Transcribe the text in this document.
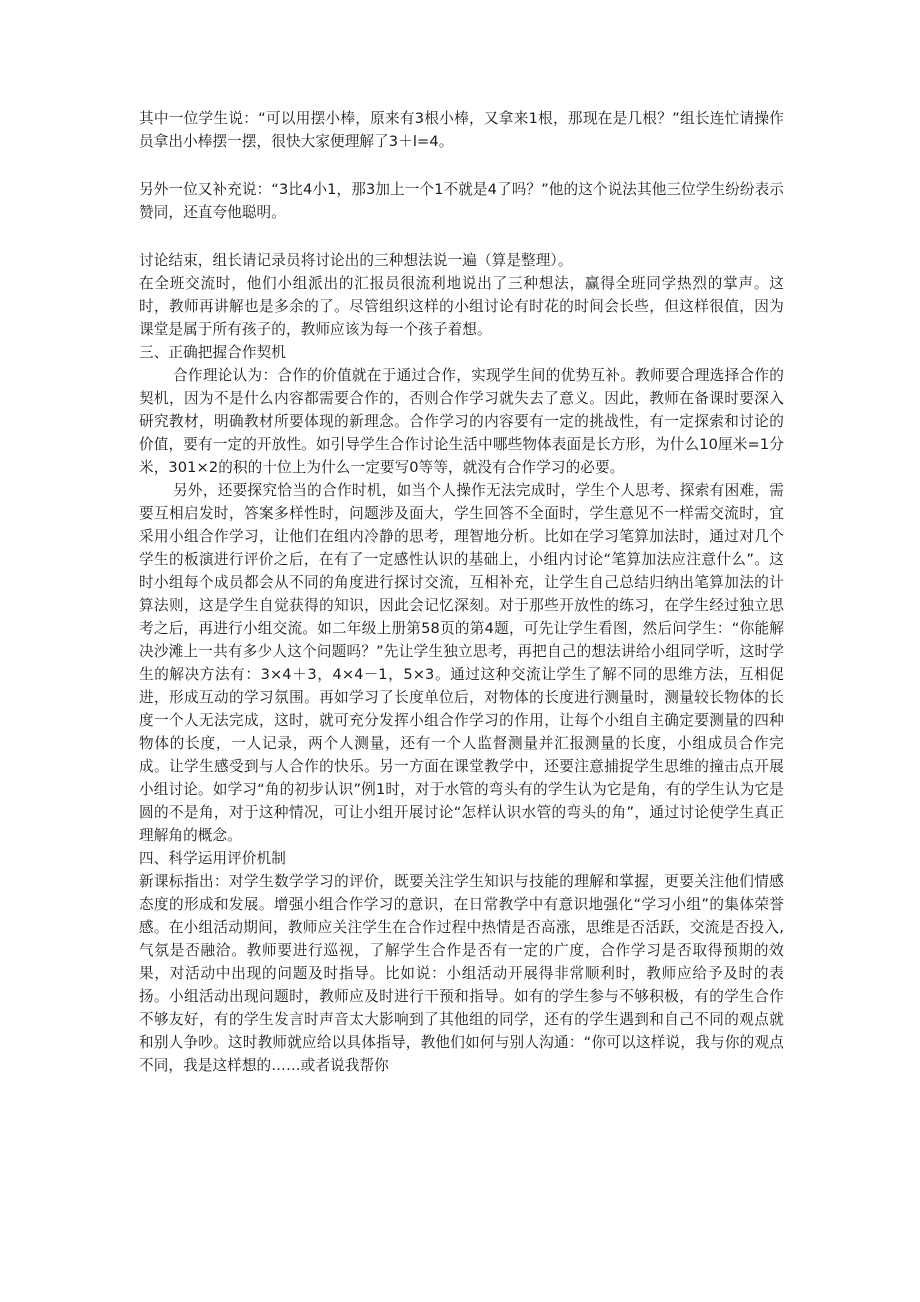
其中一位学生说：“可以用摆小棒，原来有3根小棒，又拿来1根，那现在是几根？”组长连忙请操作员拿出小棒摆一摆，很快大家便理解了3＋l=4。

另外一位又补充说：“3比4小1，那3加上一个1不就是4了吗？”他的这个说法其他三位学生纷纷表示赞同，还直夸他聪明。

讨论结束，组长请记录员将讨论出的三种想法说一遍（算是整理）。

在全班交流时，他们小组派出的汇报员很流利地说出了三种想法，赢得全班同学热烈的掌声。这时，教师再讲解也是多余的了。尽管组织这样的小组讨论有时花的时间会长些，但这样很值，因为课堂是属于所有孩子的，教师应该为每一个孩子着想。

三、正确把握合作契机

合作理论认为：合作的价值就在于通过合作，实现学生间的优势互补。教师要合理选择合作的契机，因为不是什么内容都需要合作的，否则合作学习就失去了意义。因此，教师在备课时要深入研究教材，明确教材所要体现的新理念。合作学习的内容要有一定的挑战性，有一定探索和讨论的价值，要有一定的开放性。如引导学生合作讨论生活中哪些物体表面是长方形，为什么10厘米=1分米，301×2的积的十位上为什么一定要写0等等，就没有合作学习的必要。

另外，还要探究恰当的合作时机，如当个人操作无法完成时，学生个人思考、探索有困难，需要互相启发时，答案多样性时，问题涉及面大，学生回答不全面时，学生意见不一样需交流时，宜采用小组合作学习，让他们在组内冷静的思考，理智地分析。比如在学习笔算加法时，通过对几个学生的板演进行评价之后，在有了一定感性认识的基础上，小组内讨论“笔算加法应注意什么”。这时小组每个成员都会从不同的角度进行探讨交流，互相补充，让学生自己总结归纳出笔算加法的计算法则，这是学生自觉获得的知识，因此会记忆深刻。对于那些开放性的练习，在学生经过独立思考之后，再进行小组交流。如二年级上册第58页的第4题，可先让学生看图，然后问学生：“你能解决沙滩上一共有多少人这个问题吗？”先让学生独立思考，再把自己的想法讲给小组同学听，这时学生的解决方法有：3×4＋3，4×4－1，5×3。通过这种交流让学生了解不同的思维方法，互相促进，形成互动的学习氛围。再如学习了长度单位后，对物体的长度进行测量时，测量较长物体的长度一个人无法完成，这时，就可充分发挥小组合作学习的作用，让每个小组自主确定要测量的四种物体的长度，一人记录，两个人测量，还有一个人监督测量并汇报测量的长度，小组成员合作完成。让学生感受到与人合作的快乐。另一方面在课堂教学中，还要注意捕捉学生思维的撞击点开展小组讨论。如学习“角的初步认识”例1时，对于水管的弯头有的学生认为它是角，有的学生认为它是圆的不是角，对于这种情况，可让小组开展讨论“怎样认识水管的弯头的角”，通过讨论使学生真正理解角的概念。

四、科学运用评价机制

新课标指出：对学生数学学习的评价，既要关注学生知识与技能的理解和掌握，更要关注他们情感态度的形成和发展。增强小组合作学习的意识，在日常教学中有意识地强化“学习小组”的集体荣誉感。在小组活动期间，教师应关注学生在合作过程中热情是否高涨，思维是否活跃，交流是否投入,气氛是否融洽。教师要进行巡视，了解学生合作是否有一定的广度，合作学习是否取得预期的效果，对活动中出现的问题及时指导。比如说：小组活动开展得非常顺利时，教师应给予及时的表扬。小组活动出现问题时，教师应及时进行干预和指导。如有的学生参与不够积极，有的学生合作不够友好，有的学生发言时声音太大影响到了其他组的同学，还有的学生遇到和自己不同的观点就和别人争吵。这时教师就应给以具体指导，教他们如何与别人沟通：“你可以这样说，我与你的观点不同，我是这样想的……或者说我帮你
